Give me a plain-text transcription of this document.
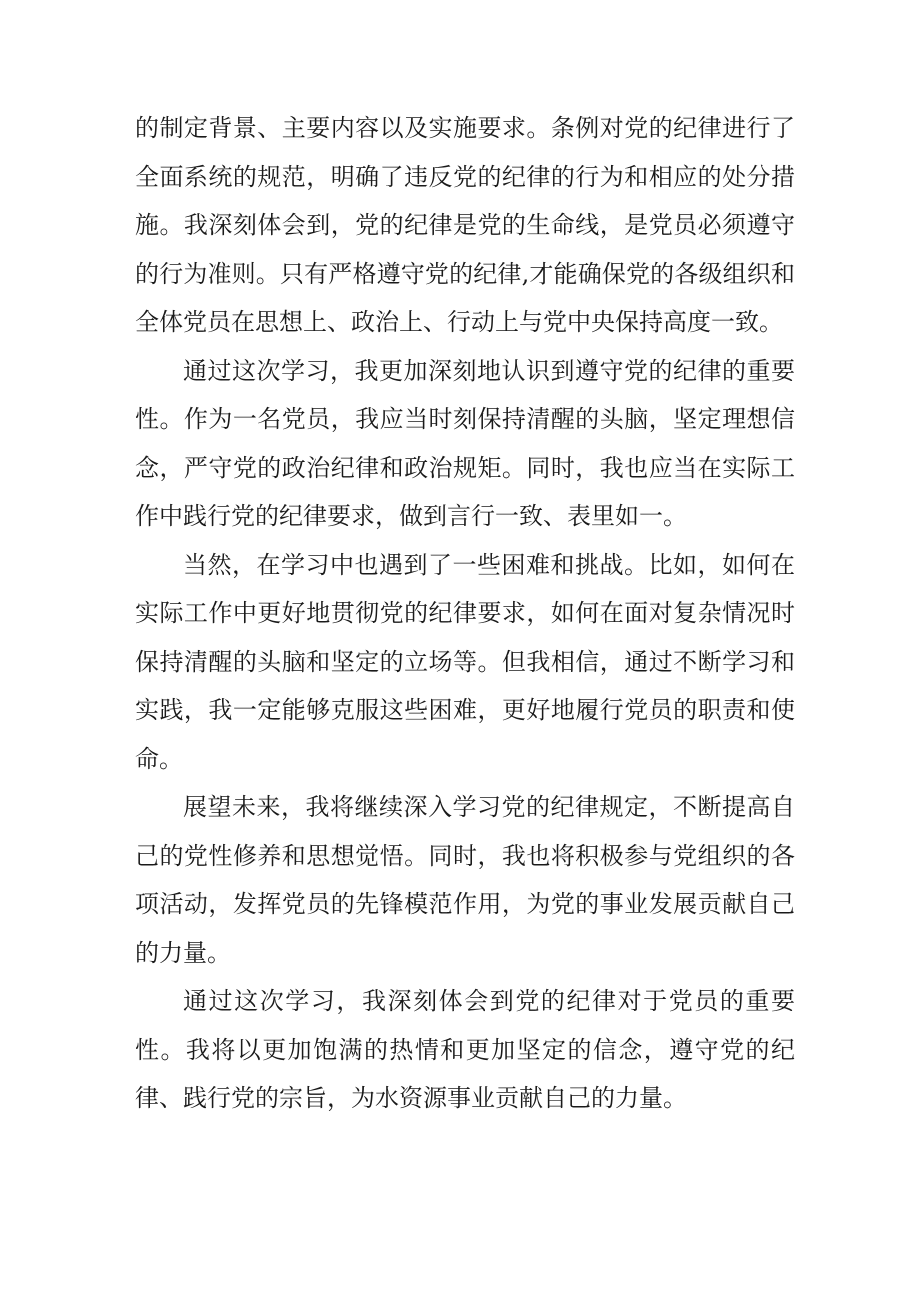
的制定背景、主要内容以及实施要求。条例对党的纪律进行了全面系统的规范，明确了违反党的纪律的行为和相应的处分措施。我深刻体会到，党的纪律是党的生命线，是党员必须遵守的行为准则。只有严格遵守党的纪律,才能确保党的各级组织和全体党员在思想上、政治上、行动上与党中央保持高度一致。

通过这次学习，我更加深刻地认识到遵守党的纪律的重要性。作为一名党员，我应当时刻保持清醒的头脑，坚定理想信念，严守党的政治纪律和政治规矩。同时，我也应当在实际工作中践行党的纪律要求，做到言行一致、表里如一。

当然，在学习中也遇到了一些困难和挑战。比如，如何在实际工作中更好地贯彻党的纪律要求，如何在面对复杂情况时保持清醒的头脑和坚定的立场等。但我相信，通过不断学习和实践，我一定能够克服这些困难，更好地履行党员的职责和使命。

展望未来，我将继续深入学习党的纪律规定，不断提高自己的党性修养和思想觉悟。同时，我也将积极参与党组织的各项活动，发挥党员的先锋模范作用，为党的事业发展贡献自己的力量。

通过这次学习，我深刻体会到党的纪律对于党员的重要性。我将以更加饱满的热情和更加坚定的信念，遵守党的纪律、践行党的宗旨，为水资源事业贡献自己的力量。
